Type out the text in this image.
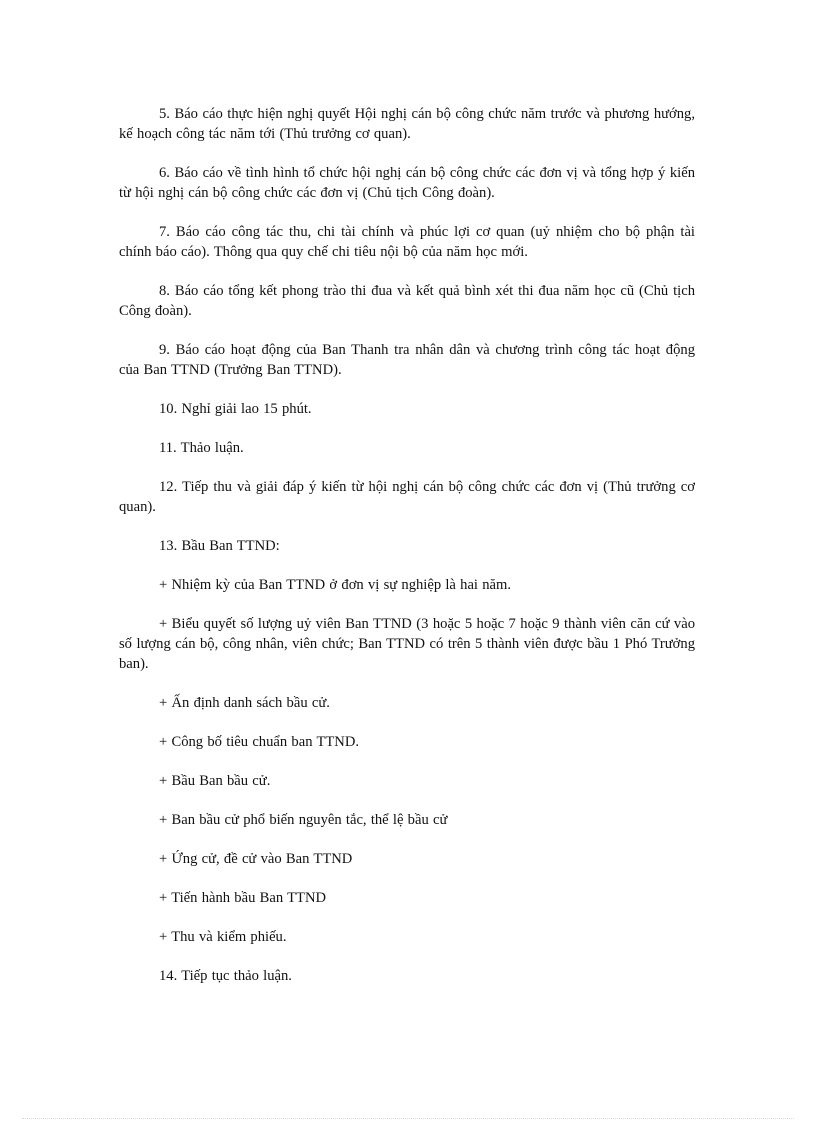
5. Báo cáo thực hiện nghị quyết Hội nghị cán bộ công chức năm trước và phương hướng, kế hoạch công tác năm tới (Thủ trưởng cơ quan).

6. Báo cáo về tình hình tổ chức hội nghị cán bộ công chức các đơn vị và tổng hợp ý kiến từ hội nghị cán bộ công chức các đơn vị (Chủ tịch Công đoàn).

7. Báo cáo công tác thu, chi tài chính và phúc lợi cơ quan (uỷ nhiệm cho bộ phận tài chính báo cáo). Thông qua quy chế chi tiêu nội bộ của năm học mới.

8. Báo cáo tổng kết phong trào thi đua và kết quả bình xét thi đua năm học cũ (Chủ tịch Công đoàn).

9. Báo cáo hoạt động của Ban Thanh tra nhân dân và chương trình công tác hoạt động của Ban TTND (Trưởng Ban TTND).

10. Nghỉ giải lao 15 phút.

11. Thảo luận.

12. Tiếp thu và giải đáp ý kiến từ hội nghị cán bộ công chức các đơn vị (Thủ trưởng cơ quan).

13. Bầu Ban TTND:

+ Nhiệm kỳ của Ban TTND ở đơn vị sự nghiệp là hai năm.

+ Biểu quyết số lượng uỷ viên Ban TTND (3 hoặc 5 hoặc 7 hoặc 9 thành viên căn cứ vào số lượng cán bộ, công nhân, viên chức; Ban TTND có trên 5 thành viên được bầu 1 Phó Trưởng ban).

+ Ấn định danh sách bầu cử.

+ Công bố tiêu chuẩn ban TTND.

+ Bầu Ban bầu cử.

+ Ban bầu cử phổ biến nguyên tắc, thể lệ bầu cử

+ Ứng cử, đề cử vào Ban TTND

+ Tiến hành bầu Ban TTND

+ Thu và kiểm phiếu.

14. Tiếp tục thảo luận.
